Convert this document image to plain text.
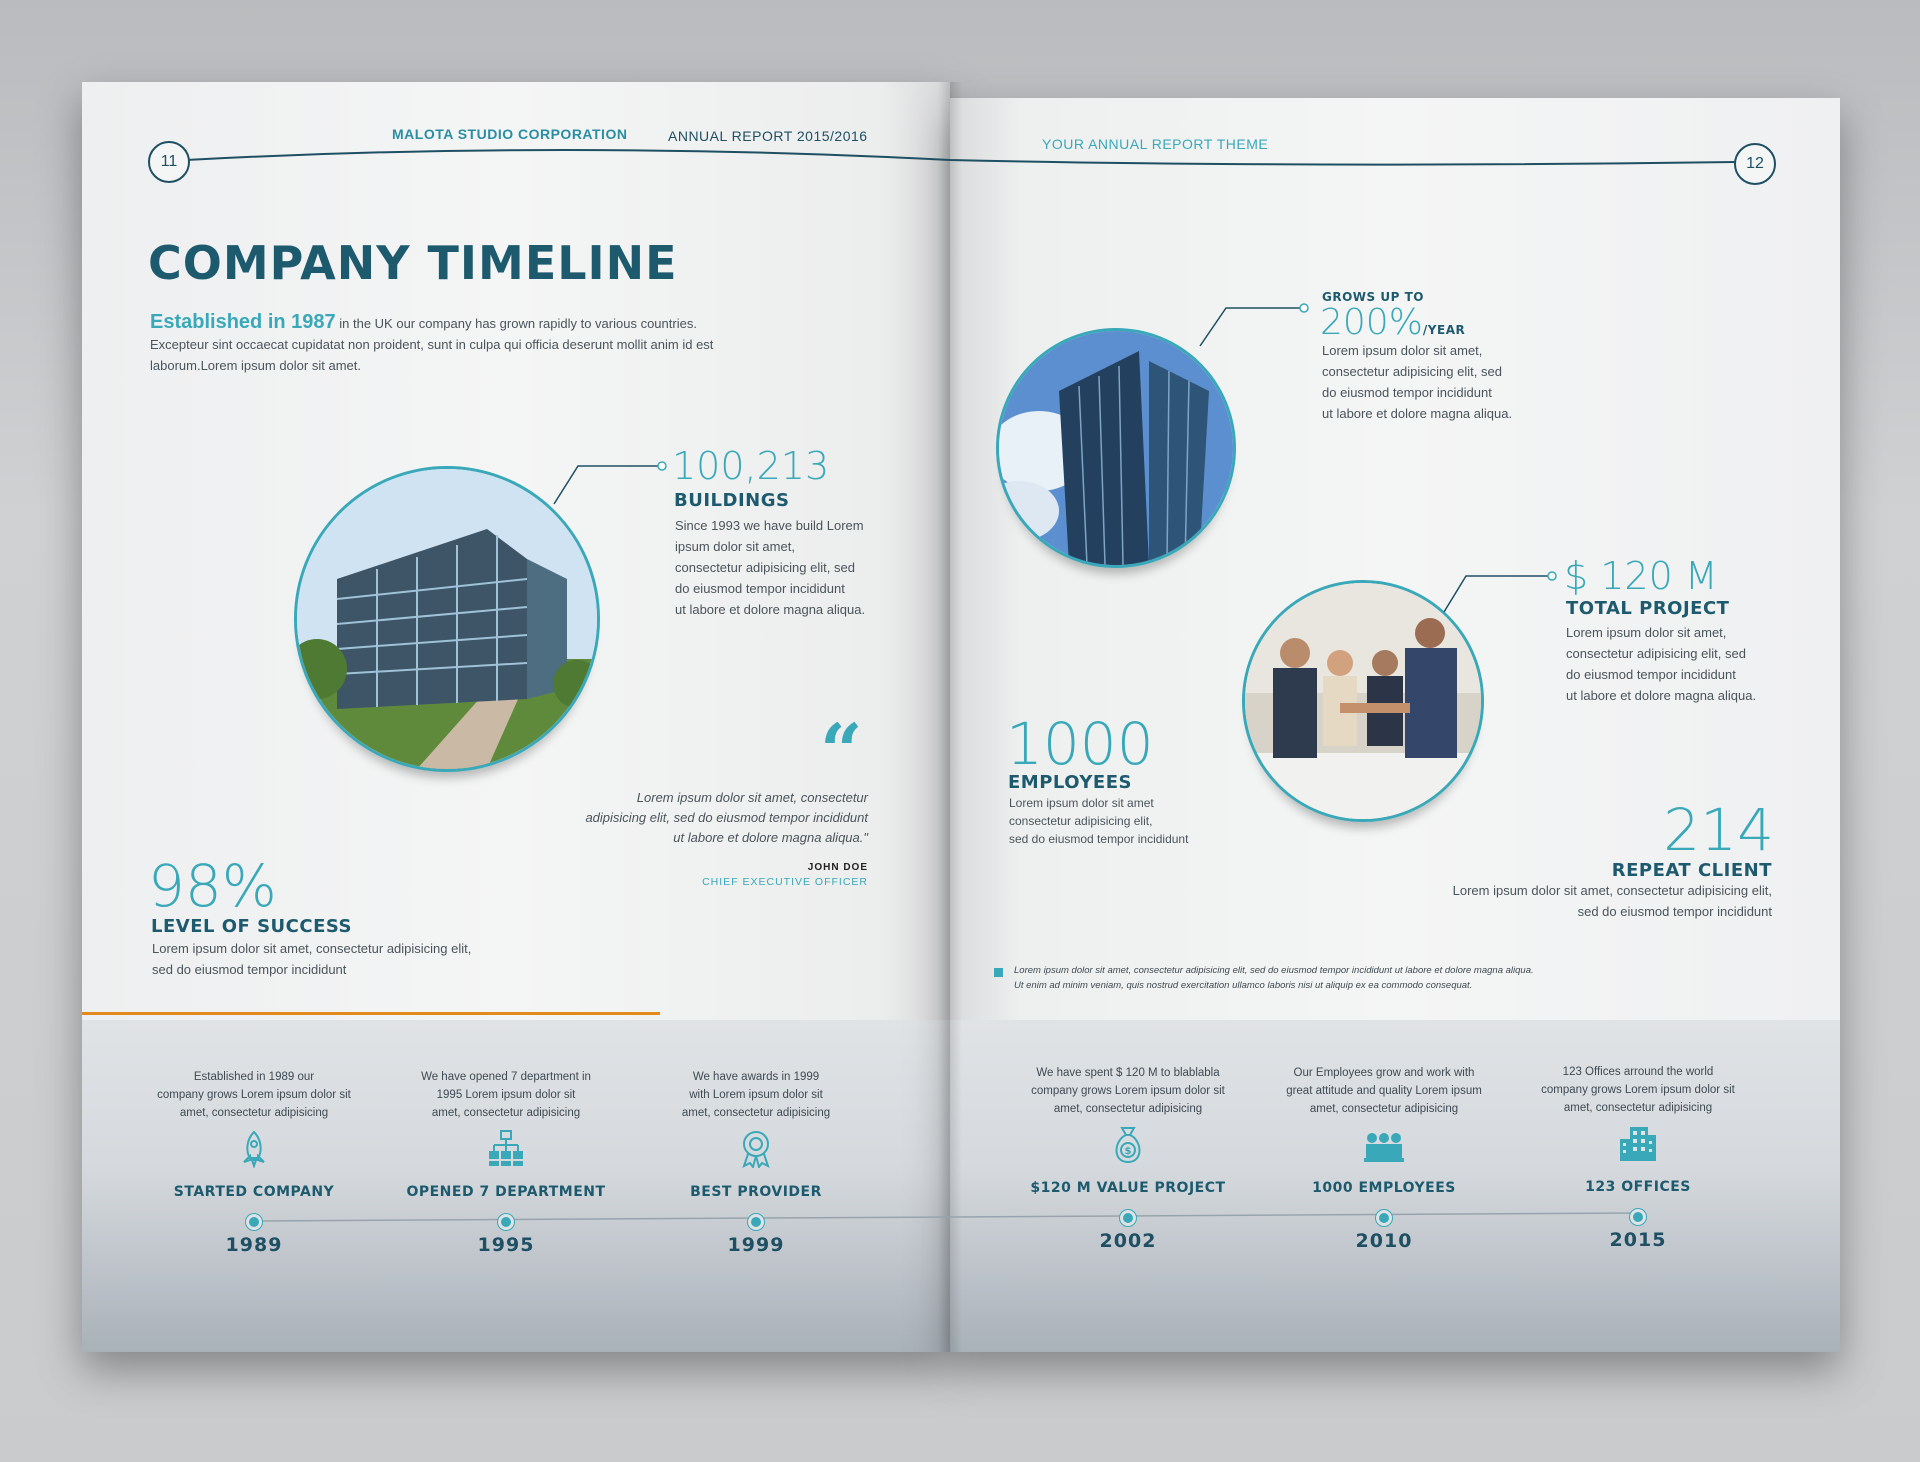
11	12
MALOTA STUDIO CORPORATION	ANNUAL REPORT 2015/2016	YOUR ANNUAL REPORT THEME
COMPANY TIMELINE
Established in 1987 in the UK our company has grown rapidly to various countries.
Excepteur sint occaecat cupidatat non proident, sunt in culpa qui officia deserunt mollit anim id est
laborum.Lorem ipsum dolor sit amet.
100,213
BUILDINGS
Since 1993 we have build Lorem
ipsum dolor sit amet,
consectetur adipisicing elit, sed
do eiusmod tempor incididunt
ut labore et dolore magna aliqua.
“
Lorem ipsum dolor sit amet, consectetur
adipisicing elit, sed do eiusmod tempor incididunt
ut labore et dolore magna aliqua."
JOHN DOE
CHIEF EXECUTIVE OFFICER
98%
LEVEL OF SUCCESS
Lorem ipsum dolor sit amet, consectetur adipisicing elit,
sed do eiusmod tempor incididunt
GROWS UP TO
200%/YEAR
Lorem ipsum dolor sit amet,
consectetur adipisicing elit, sed
do eiusmod tempor incididunt
ut labore et dolore magna aliqua.
$ 120 M
TOTAL PROJECT
Lorem ipsum dolor sit amet,
consectetur adipisicing elit, sed
do eiusmod tempor incididunt
ut labore et dolore magna aliqua.
1000
EMPLOYEES
Lorem ipsum dolor sit amet
consectetur adipisicing elit,
sed do eiusmod tempor incididunt	214
REPEAT CLIENT
Lorem ipsum dolor sit amet, consectetur adipisicing elit,
sed do eiusmod tempor incididunt
Lorem ipsum dolor sit amet, consectetur adipisicing elit, sed do eiusmod tempor incididunt ut labore et dolore magna aliqua.
Ut enim ad minim veniam, quis nostrud exercitation ullamco laboris nisi ut aliquip ex ea commodo consequat.
Established in 1989 our
company grows Lorem ipsum dolor sit
amet, consectetur adipisicing
STARTED COMPANY
1989
We have opened 7 department in
1995 Lorem ipsum dolor sit
amet, consectetur adipisicing
OPENED 7 DEPARTMENT
1995
We have awards in 1999
with Lorem ipsum dolor sit
amet, consectetur adipisicing
BEST PROVIDER
1999
We have spent $ 120 M to blablabla
company grows Lorem ipsum dolor sit
amet, consectetur adipisicing
$
$120 M VALUE PROJECT
2002
Our Employees grow and work with
great attitude and quality Lorem ipsum
amet, consectetur adipisicing
1000 EMPLOYEES
2010
123 Offices arround the world
company grows Lorem ipsum dolor sit
amet, consectetur adipisicing
123 OFFICES
2015
